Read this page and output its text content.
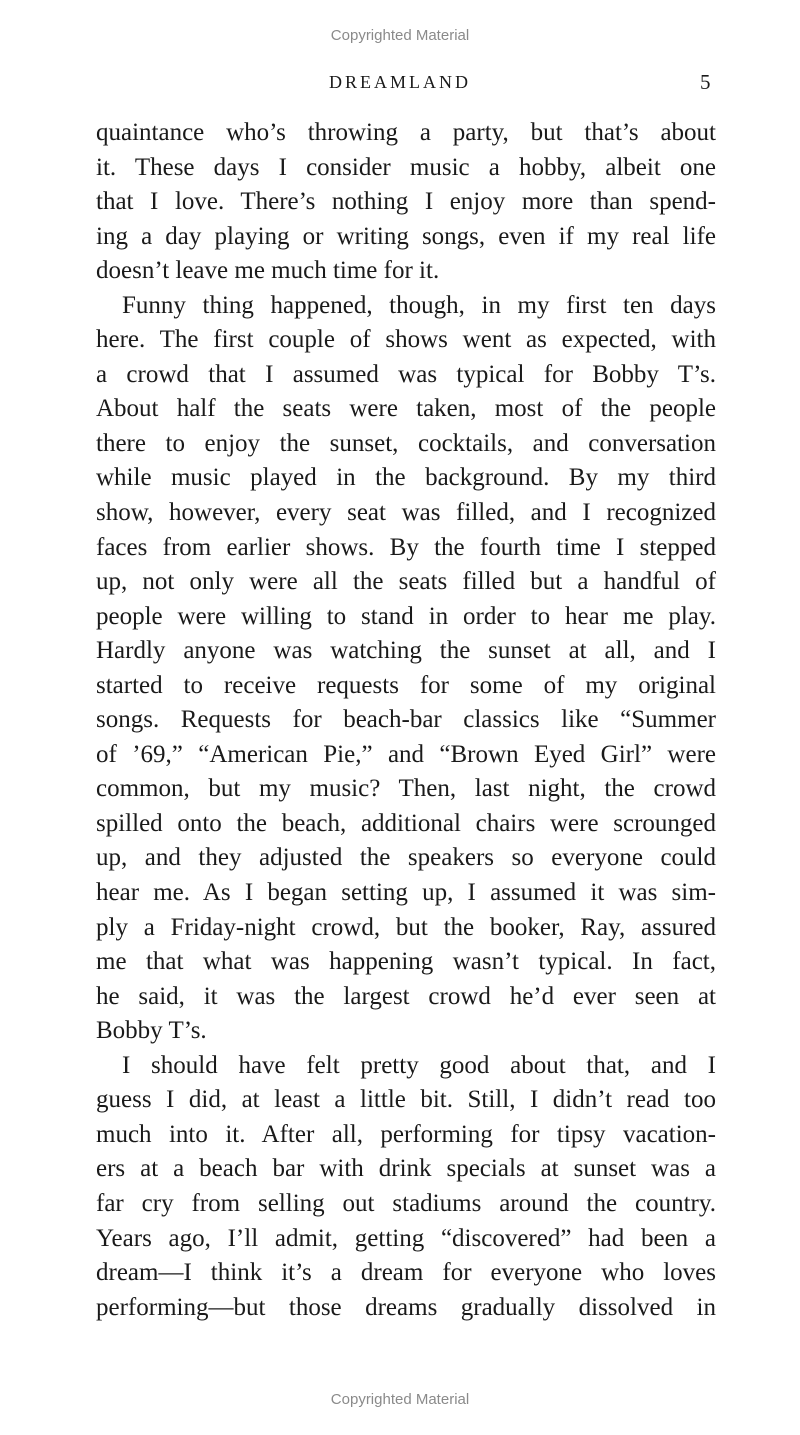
Copyrighted Material
DREAMLAND	5
quaintance who’s throwing a party, but that’s about
it. These days I consider music a hobby, albeit one
that I love. There’s nothing I enjoy more than spend-
ing a day playing or writing songs, even if my real life
doesn’t leave me much time for it.
Funny thing happened, though, in my first ten days
here. The first couple of shows went as expected, with
a crowd that I assumed was typical for Bobby T’s.
About half the seats were taken, most of the people
there to enjoy the sunset, cocktails, and conversation
while music played in the background. By my third
show, however, every seat was filled, and I recognized
faces from earlier shows. By the fourth time I stepped
up, not only were all the seats filled but a handful of
people were willing to stand in order to hear me play.
Hardly anyone was watching the sunset at all, and I
started to receive requests for some of my original
songs. Requests for beach-bar classics like “Summer
of ’69,” “American Pie,” and “Brown Eyed Girl” were
common, but my music? Then, last night, the crowd
spilled onto the beach, additional chairs were scrounged
up, and they adjusted the speakers so everyone could
hear me. As I began setting up, I assumed it was sim-
ply a Friday-night crowd, but the booker, Ray, assured
me that what was happening wasn’t typical. In fact,
he said, it was the largest crowd he’d ever seen at
Bobby T’s.
I should have felt pretty good about that, and I
guess I did, at least a little bit. Still, I didn’t read too
much into it. After all, performing for tipsy vacation-
ers at a beach bar with drink specials at sunset was a
far cry from selling out stadiums around the country.
Years ago, I’ll admit, getting “discovered” had been a
dream—I think it’s a dream for everyone who loves
performing—but those dreams gradually dissolved in
Copyrighted Material
